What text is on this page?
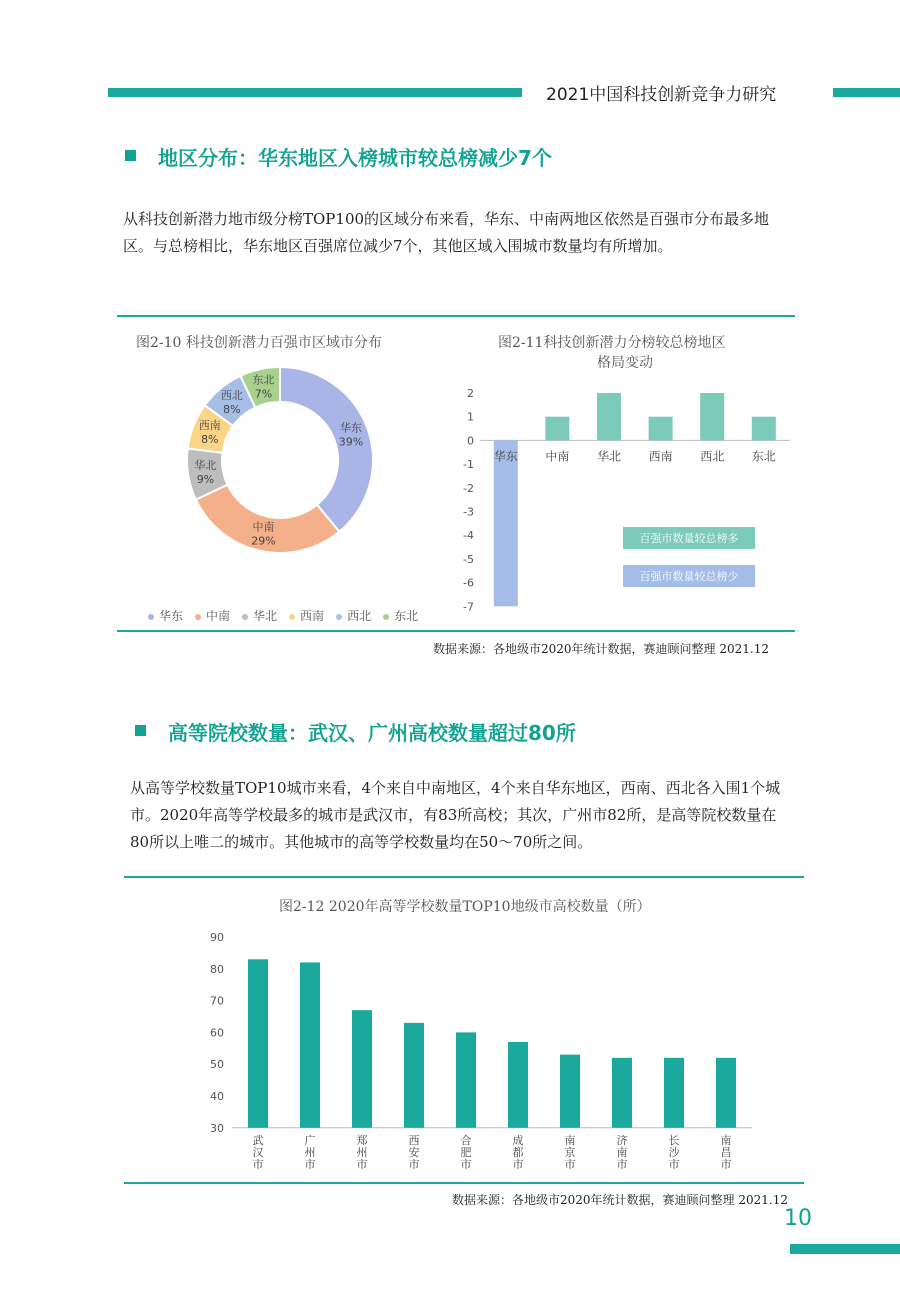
2021中国科技创新竞争力研究
地区分布：华东地区入榜城市较总榜减少7个
从科技创新潜力地市级分榜TOP100的区域分布来看，华东、中南两地区依然是百强市分布最多地区。与总榜相比，华东地区百强席位减少7个，其他区域入围城市数量均有所增加。
图2-10 科技创新潜力百强市区域市分布
华东
39%
中南
29%
华北
9%
西南
8%
西北
8%
东北
7%
华东 中南 华北 西南 西北 东北
图2-11科技创新潜力分榜较总榜地区
格局变动
2
1
0
-1
-2
-3
-4
-5
-6
-7
华东 中南 华北 西南 西北 东北
百强市数量较总榜多
百强市数量较总榜少
数据来源：各地级市2020年统计数据，赛迪顾问整理 2021.12
高等院校数量：武汉、广州高校数量超过80所
从高等学校数量TOP10城市来看，4个来自中南地区，4个来自华东地区，西南、西北各入围1个城市。2020年高等学校最多的城市是武汉市，有83所高校；其次，广州市82所，是高等院校数量在80所以上唯二的城市。其他城市的高等学校数量均在50～70所之间。
图2-12 2020年高等学校数量TOP10地级市高校数量（所）
90
80
70
60
50
40
30
武汉市
广州市
郑州市
西安市
合肥市
成都市
南京市
济南市
长沙市
南昌市
数据来源：各地级市2020年统计数据，赛迪顾问整理 2021.12
10
